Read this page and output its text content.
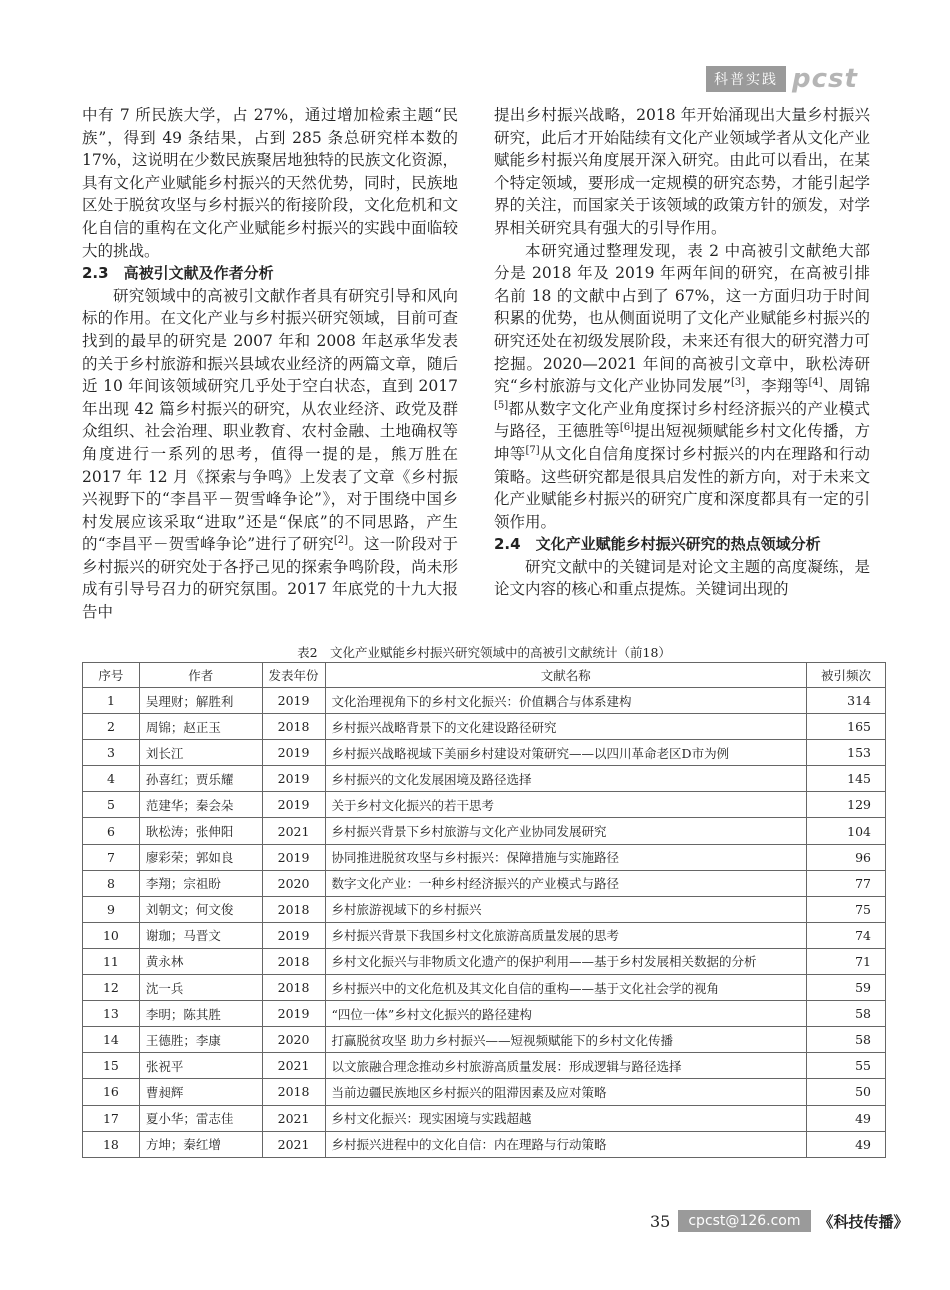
科普实践 pcst

中有 7 所民族大学，占 27%，通过增加检索主题“民族”，得到 49 条结果，占到 285 条总研究样本数的 17%，这说明在少数民族聚居地独特的民族文化资源，具有文化产业赋能乡村振兴的天然优势，同时，民族地区处于脱贫攻坚与乡村振兴的衔接阶段，文化危机和文化自信的重构在文化产业赋能乡村振兴的实践中面临较大的挑战。

2.3　高被引文献及作者分析

研究领域中的高被引文献作者具有研究引导和风向标的作用。在文化产业与乡村振兴研究领域，目前可查找到的最早的研究是 2007 年和 2008 年赵承华发表的关于乡村旅游和振兴县域农业经济的两篇文章，随后近 10 年间该领域研究几乎处于空白状态，直到 2017 年出现 42 篇乡村振兴的研究，从农业经济、政党及群众组织、社会治理、职业教育、农村金融、土地确权等角度进行一系列的思考，值得一提的是，熊万胜在 2017 年 12 月《探索与争鸣》上发表了文章《乡村振兴视野下的“李昌平－贺雪峰争论”》，对于围绕中国乡村发展应该采取“进取”还是“保底”的不同思路，产生的“李昌平－贺雪峰争论”进行了研究[2]。这一阶段对于乡村振兴的研究处于各抒己见的探索争鸣阶段，尚未形成有引导号召力的研究氛围。2017 年底党的十九大报告中

提出乡村振兴战略，2018 年开始涌现出大量乡村振兴研究，此后才开始陆续有文化产业领域学者从文化产业赋能乡村振兴角度展开深入研究。由此可以看出，在某个特定领域，要形成一定规模的研究态势，才能引起学界的关注，而国家关于该领域的政策方针的颁发，对学界相关研究具有强大的引导作用。

本研究通过整理发现，表 2 中高被引文献绝大部分是 2018 年及 2019 年两年间的研究，在高被引排名前 18 的文献中占到了 67%，这一方面归功于时间积累的优势，也从侧面说明了文化产业赋能乡村振兴的研究还处在初级发展阶段，未来还有很大的研究潜力可挖掘。2020—2021 年间的高被引文章中，耿松涛研究“乡村旅游与文化产业协同发展”[3]，李翔等[4]、周锦[5]都从数字文化产业角度探讨乡村经济振兴的产业模式与路径，王德胜等[6]提出短视频赋能乡村文化传播，方坤等[7]从文化自信角度探讨乡村振兴的内在理路和行动策略。这些研究都是很具启发性的新方向，对于未来文化产业赋能乡村振兴的研究广度和深度都具有一定的引领作用。

2.4　文化产业赋能乡村振兴研究的热点领域分析

研究文献中的关键词是对论文主题的高度凝练，是论文内容的核心和重点提炼。关键词出现的

表2　文化产业赋能乡村振兴研究领域中的高被引文献统计（前18）
序号	作者	发表年份	文献名称	被引频次
1	吴理财；解胜利	2019	文化治理视角下的乡村文化振兴：价值耦合与体系建构	314
2	周锦；赵正玉	2018	乡村振兴战略背景下的文化建设路径研究	165
3	刘长江	2019	乡村振兴战略视域下美丽乡村建设对策研究——以四川革命老区D市为例	153
4	孙喜红；贾乐耀	2019	乡村振兴的文化发展困境及路径选择	145
5	范建华；秦会朵	2019	关于乡村文化振兴的若干思考	129
6	耿松涛；张伸阳	2021	乡村振兴背景下乡村旅游与文化产业协同发展研究	104
7	廖彩荣；郭如良	2019	协同推进脱贫攻坚与乡村振兴：保障措施与实施路径	96
8	李翔；宗祖盼	2020	数字文化产业：一种乡村经济振兴的产业模式与路径	77
9	刘朝文；何文俊	2018	乡村旅游视域下的乡村振兴	75
10	谢珈；马晋文	2019	乡村振兴背景下我国乡村文化旅游高质量发展的思考	74
11	黄永林	2018	乡村文化振兴与非物质文化遗产的保护利用——基于乡村发展相关数据的分析	71
12	沈一兵	2018	乡村振兴中的文化危机及其文化自信的重构——基于文化社会学的视角	59
13	李明；陈其胜	2019	“四位一体”乡村文化振兴的路径建构	58
14	王德胜；李康	2020	打赢脱贫攻坚 助力乡村振兴——短视频赋能下的乡村文化传播	58
15	张祝平	2021	以文旅融合理念推动乡村旅游高质量发展：形成逻辑与路径选择	55
16	曹昶辉	2018	当前边疆民族地区乡村振兴的阻滞因素及应对策略	50
17	夏小华；雷志佳	2021	乡村文化振兴：现实困境与实践超越	49
18	方坤；秦红增	2021	乡村振兴进程中的文化自信：内在理路与行动策略	49
35	cpcst@126.com	《科技传播》
